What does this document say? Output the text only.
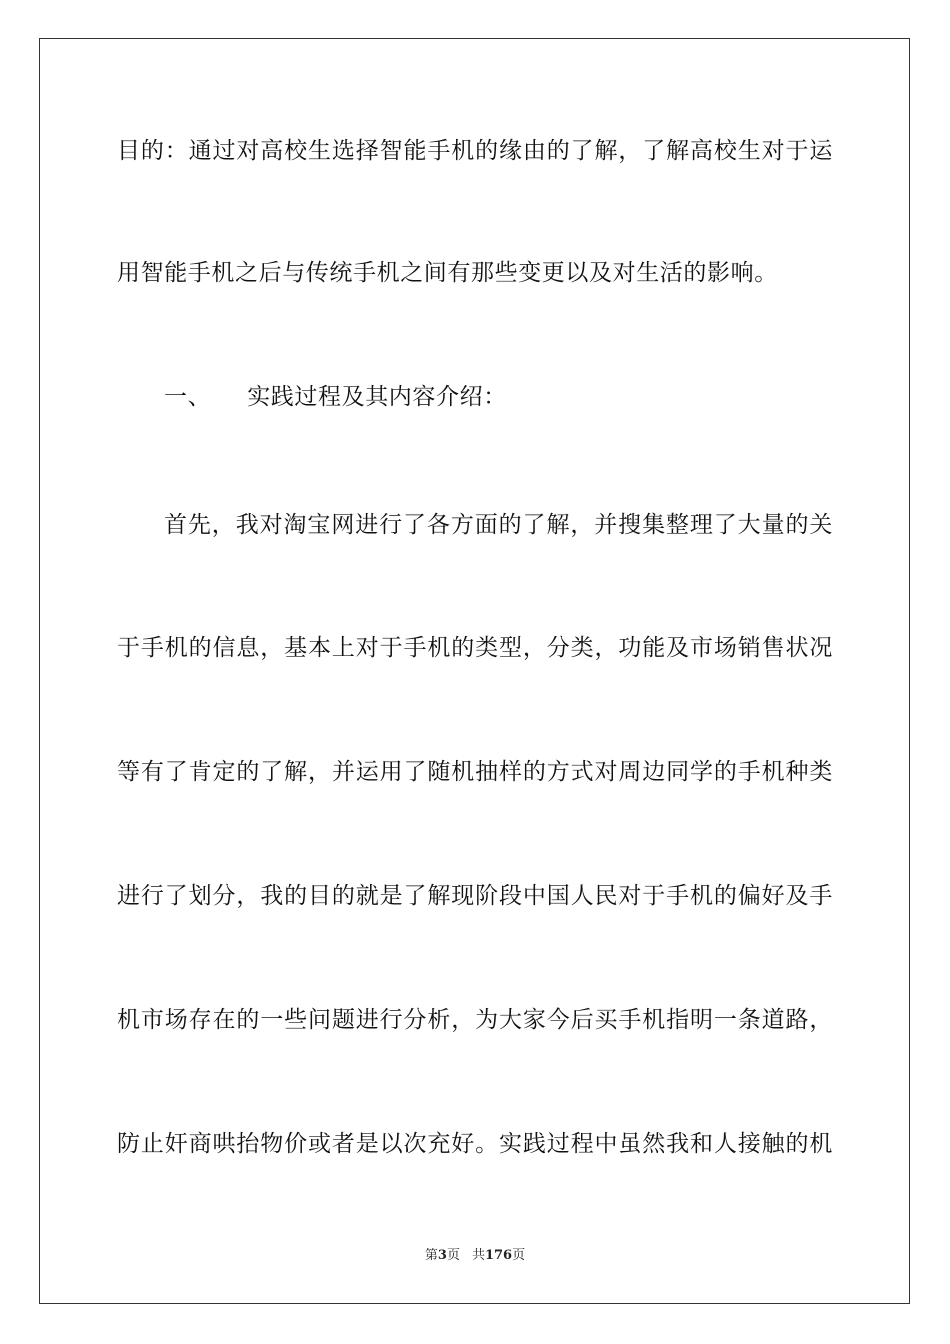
目的：通过对高校生选择智能手机的缘由的了解，了解高校生对于运
用智能手机之后与传统手机之间有那些变更以及对生活的影响。
一、 实践过程及其内容介绍：
首先，我对淘宝网进行了各方面的了解，并搜集整理了大量的关
于手机的信息，基本上对于手机的类型，分类，功能及市场销售状况
等有了肯定的了解，并运用了随机抽样的方式对周边同学的手机种类
进行了划分，我的目的就是了解现阶段中国人民对于手机的偏好及手
机市场存在的一些问题进行分析，为大家今后买手机指明一条道路，
防止奸商哄抬物价或者是以次充好。实践过程中虽然我和人接触的机
第3页 共176页
